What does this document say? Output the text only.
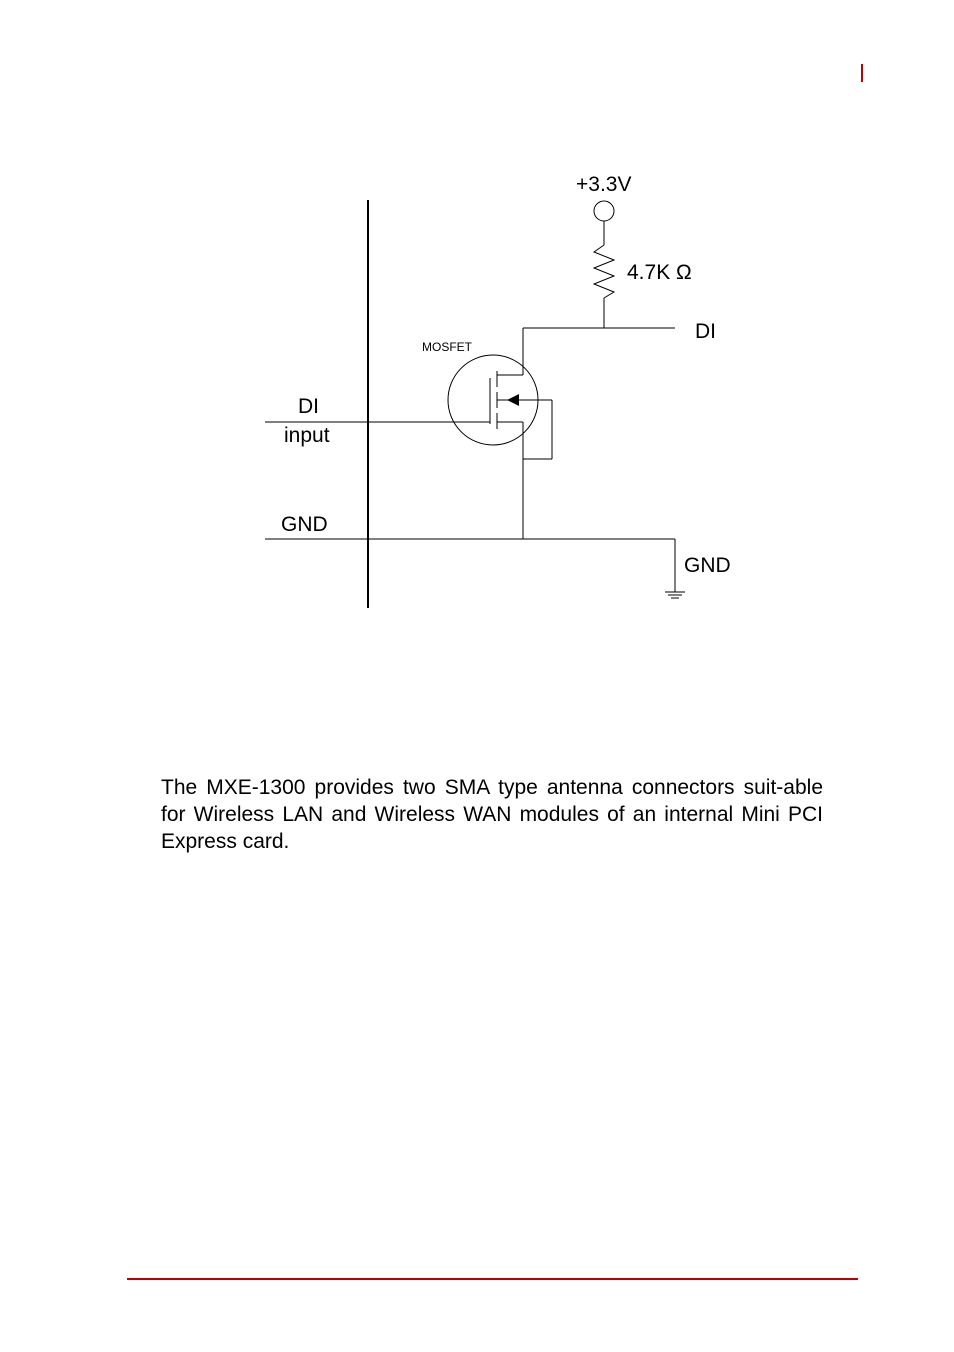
+3.3V
4.7K Ω
DI
MOSFET
DI
input
GND
GND

The MXE-1300 provides two SMA type antenna connectors suit-able for Wireless LAN and Wireless WAN modules of an internal Mini PCI Express card.
